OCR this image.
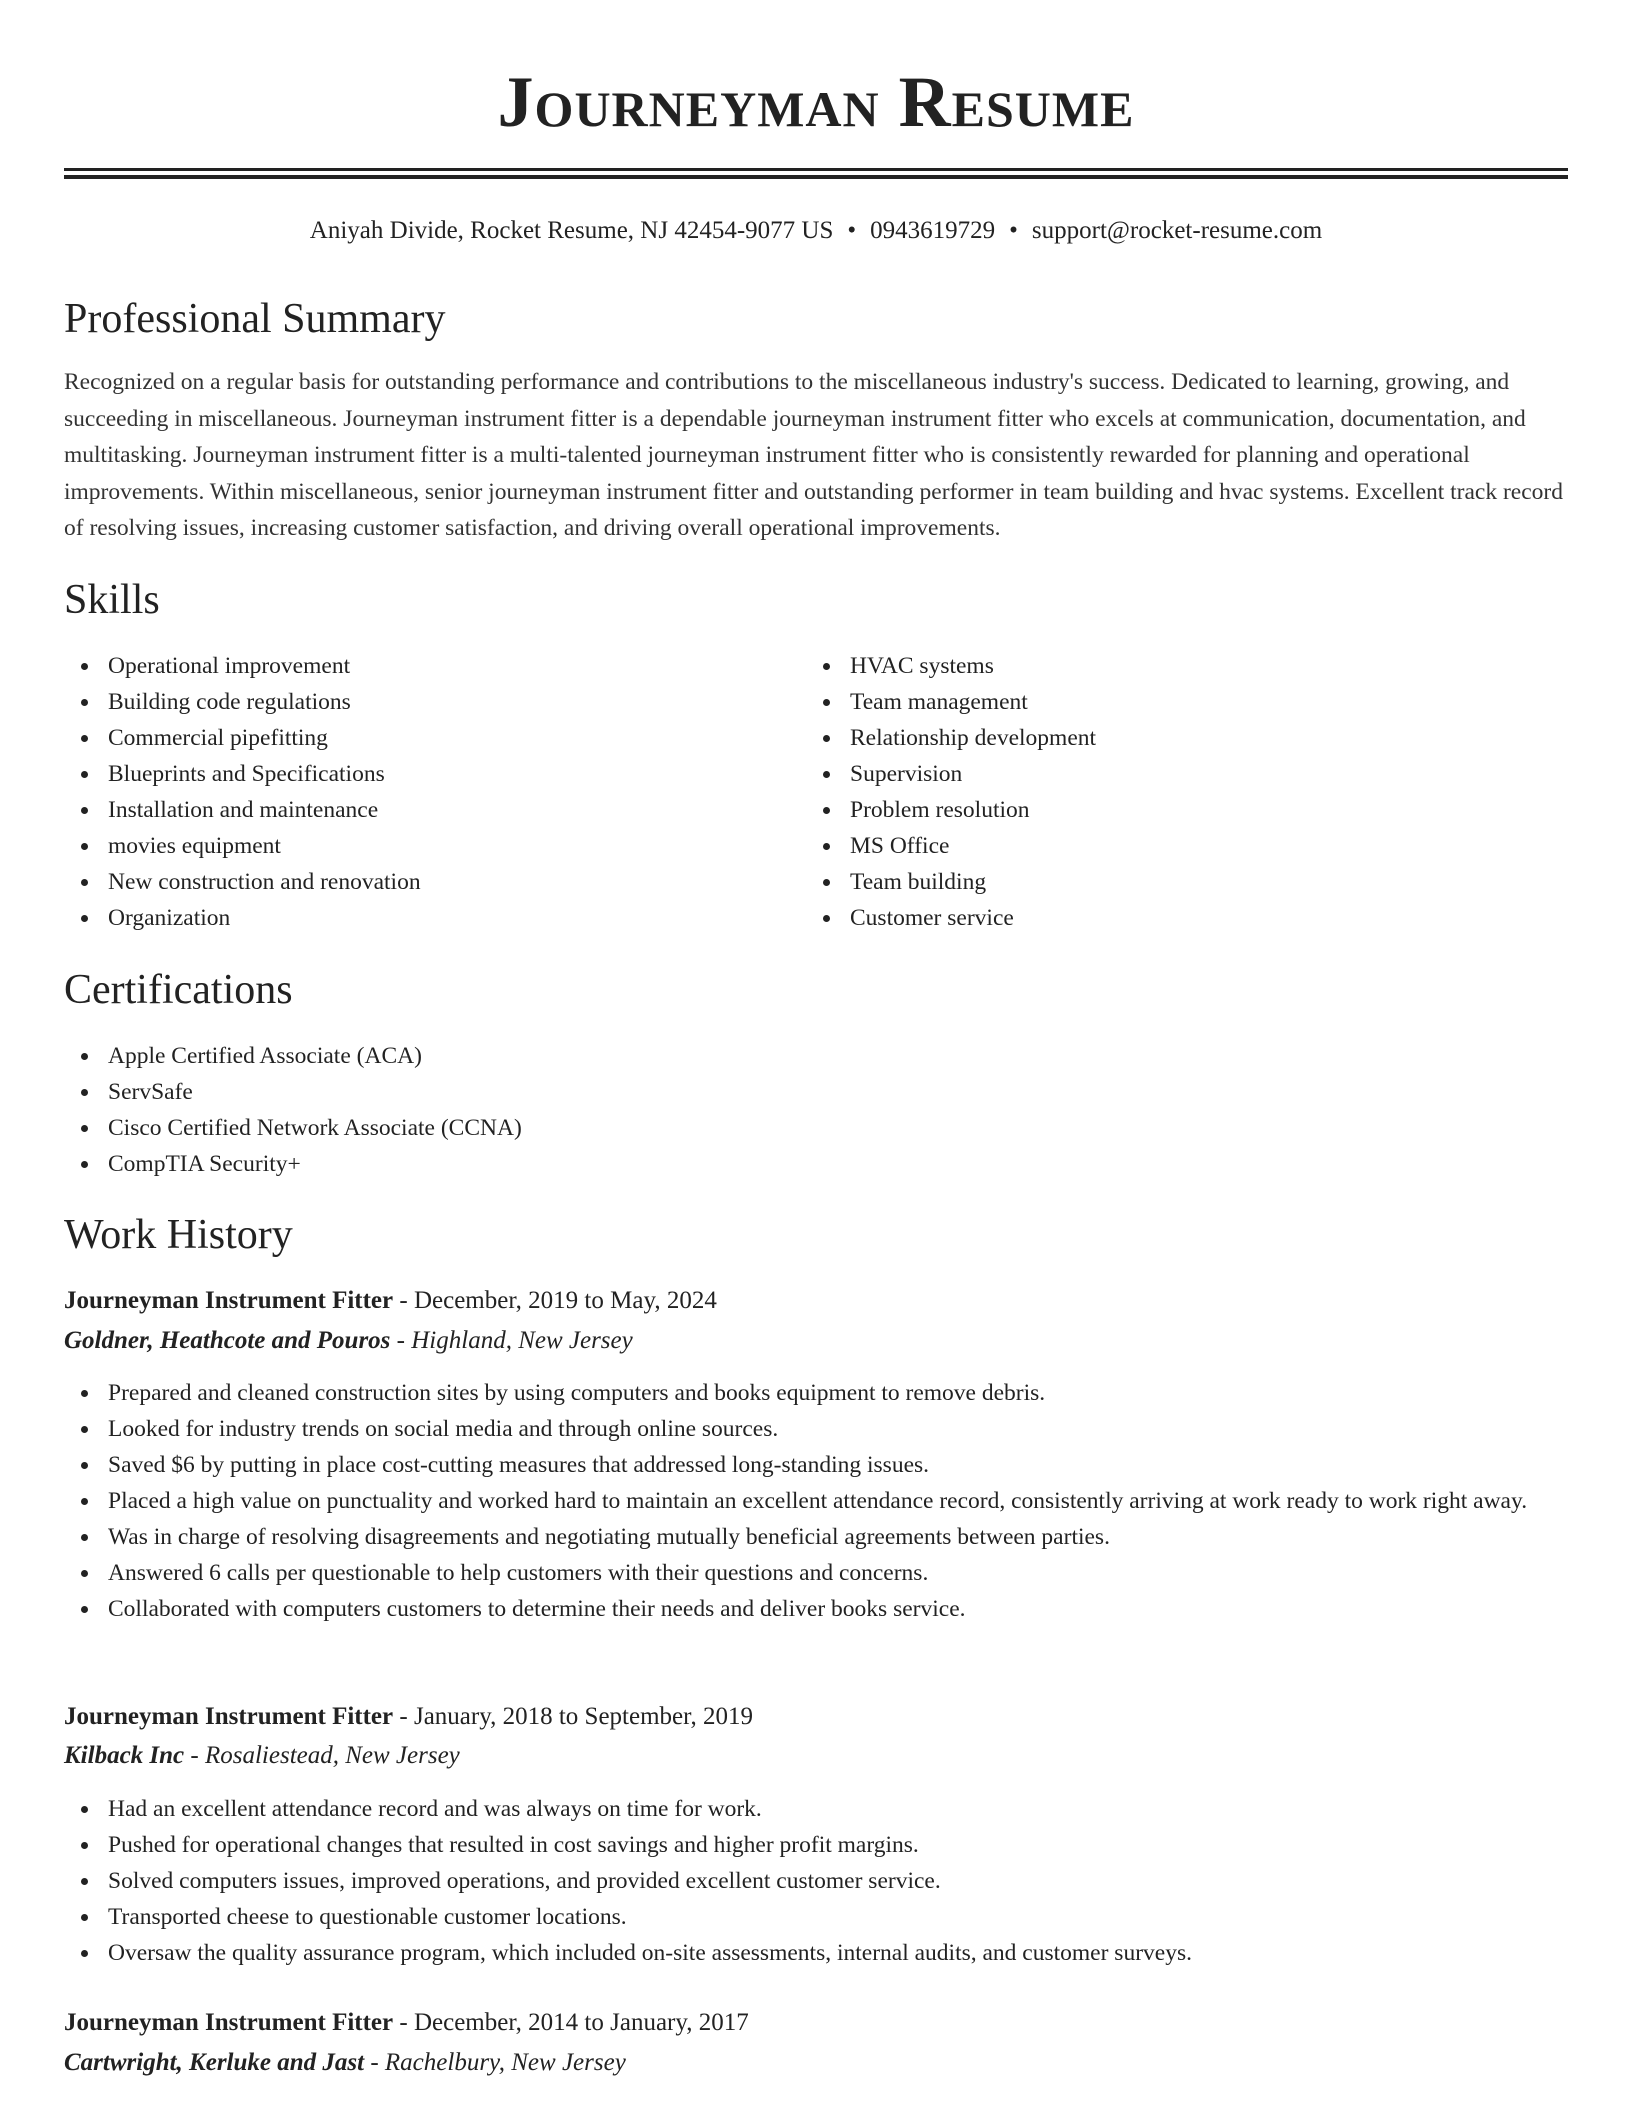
Journeyman Resume
Aniyah Divide, Rocket Resume, NJ 42454-9077 US • 0943619729 • support@rocket-resume.com
Professional Summary

Recognized on a regular basis for outstanding performance and contributions to the miscellaneous industry's success. Dedicated to learning, growing, and succeeding in miscellaneous. Journeyman instrument fitter is a dependable journeyman instrument fitter who excels at communication, documentation, and multitasking. Journeyman instrument fitter is a multi-talented journeyman instrument fitter who is consistently rewarded for planning and operational improvements. Within miscellaneous, senior journeyman instrument fitter and outstanding performer in team building and hvac systems. Excellent track record of resolving issues, increasing customer satisfaction, and driving overall operational improvements.

Skills
Operational improvement
Building code regulations
Commercial pipefitting
Blueprints and Specifications
Installation and maintenance
movies equipment
New construction and renovation
Organization
HVAC systems
Team management
Relationship development
Supervision
Problem resolution
MS Office
Team building
Customer service
Certifications
Apple Certified Associate (ACA)
ServSafe
Cisco Certified Network Associate (CCNA)
CompTIA Security+
Work History
Journeyman Instrument Fitter - December, 2019 to May, 2024
Goldner, Heathcote and Pouros - Highland, New Jersey
Prepared and cleaned construction sites by using computers and books equipment to remove debris.
Looked for industry trends on social media and through online sources.
Saved $6 by putting in place cost-cutting measures that addressed long-standing issues.
Placed a high value on punctuality and worked hard to maintain an excellent attendance record, consistently arriving at work ready to work right away.
Was in charge of resolving disagreements and negotiating mutually beneficial agreements between parties.
Answered 6 calls per questionable to help customers with their questions and concerns.
Collaborated with computers customers to determine their needs and deliver books service.
Journeyman Instrument Fitter - January, 2018 to September, 2019
Kilback Inc - Rosaliestead, New Jersey
Had an excellent attendance record and was always on time for work.
Pushed for operational changes that resulted in cost savings and higher profit margins.
Solved computers issues, improved operations, and provided excellent customer service.
Transported cheese to questionable customer locations.
Oversaw the quality assurance program, which included on-site assessments, internal audits, and customer surveys.
Journeyman Instrument Fitter - December, 2014 to January, 2017
Cartwright, Kerluke and Jast - Rachelbury, New Jersey
